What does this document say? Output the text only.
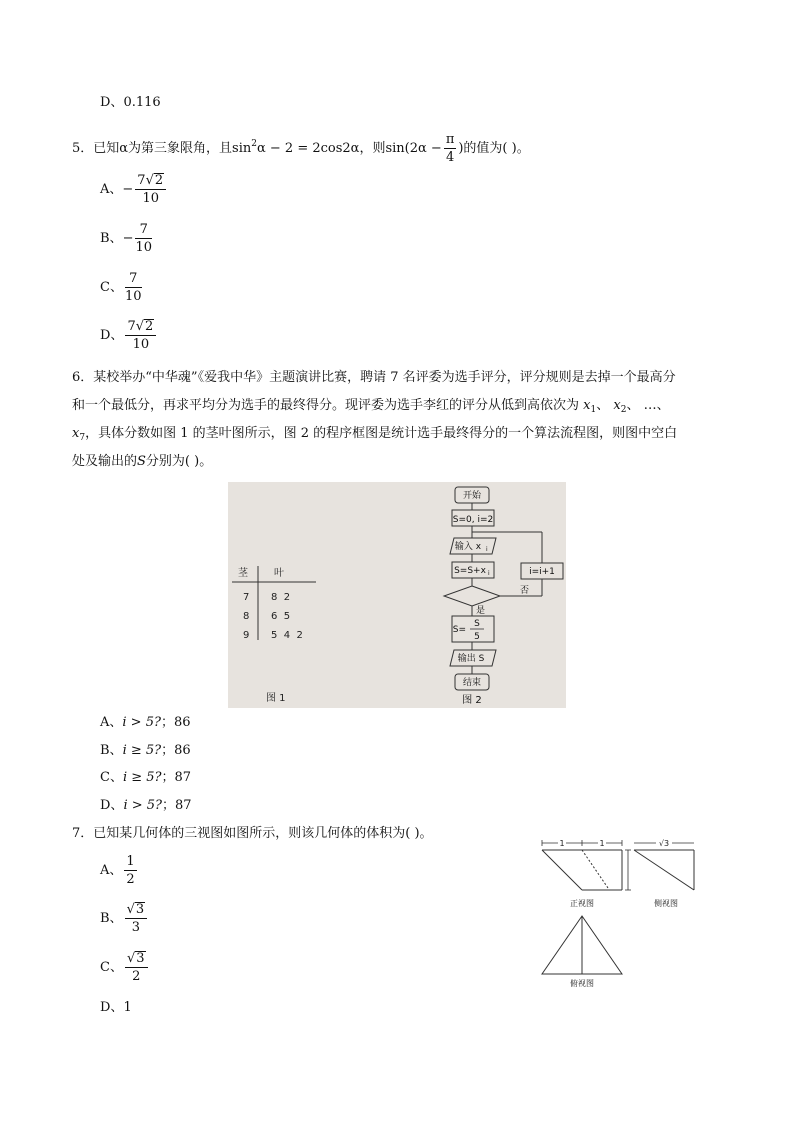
D、0.116
5．已知α为第三象限角，且$\sin^2\alpha - 2 = 2\cos 2\alpha$，则$\sin(2\alpha - \frac{\pi}{4}$ )的值为( )。
A、− $\frac{7√2}{10}$
B、− $\frac{7}{10}$
C、 $\frac{7}{10}$
D、 $\frac{7√2}{10}$
6．某校举办“中华魂”《爱我中华》主题演讲比赛，聘请 7 名评委为选手评分，评分规则是去掉一个最高分
和一个最低分，再求平均分为选手的最终得分。现评委为选手李红的评分从低到高依次为 $x_1$、 $x_2$、 …、
$x_7$，具体分数如图 1 的茎叶图所示，图 2 的程序框图是统计选手最终得分的一个算法流程图，则图中空白
处及输出的S分别为( )。
茎	叶
7 8  2
8 6  5
9 5  4  2
图 1
开始
S=0, i=2
输入 x i
S=S+x i	i=i+1
否
是
S=
S
5
输出 S
结束
图 2
A、i > 5?；86
B、i ≥ 5?；86
C、i ≥ 5?；87
D、i > 5?；87
7．已知某几何体的三视图如图所示，则该几何体的体积为( )。
A、 $\frac{1}{2}$
B、 $\frac{√3}{3}$
C、 $\frac{√3}{2}$
D、1
1	1	√3
正视图	侧视图
俯视图
